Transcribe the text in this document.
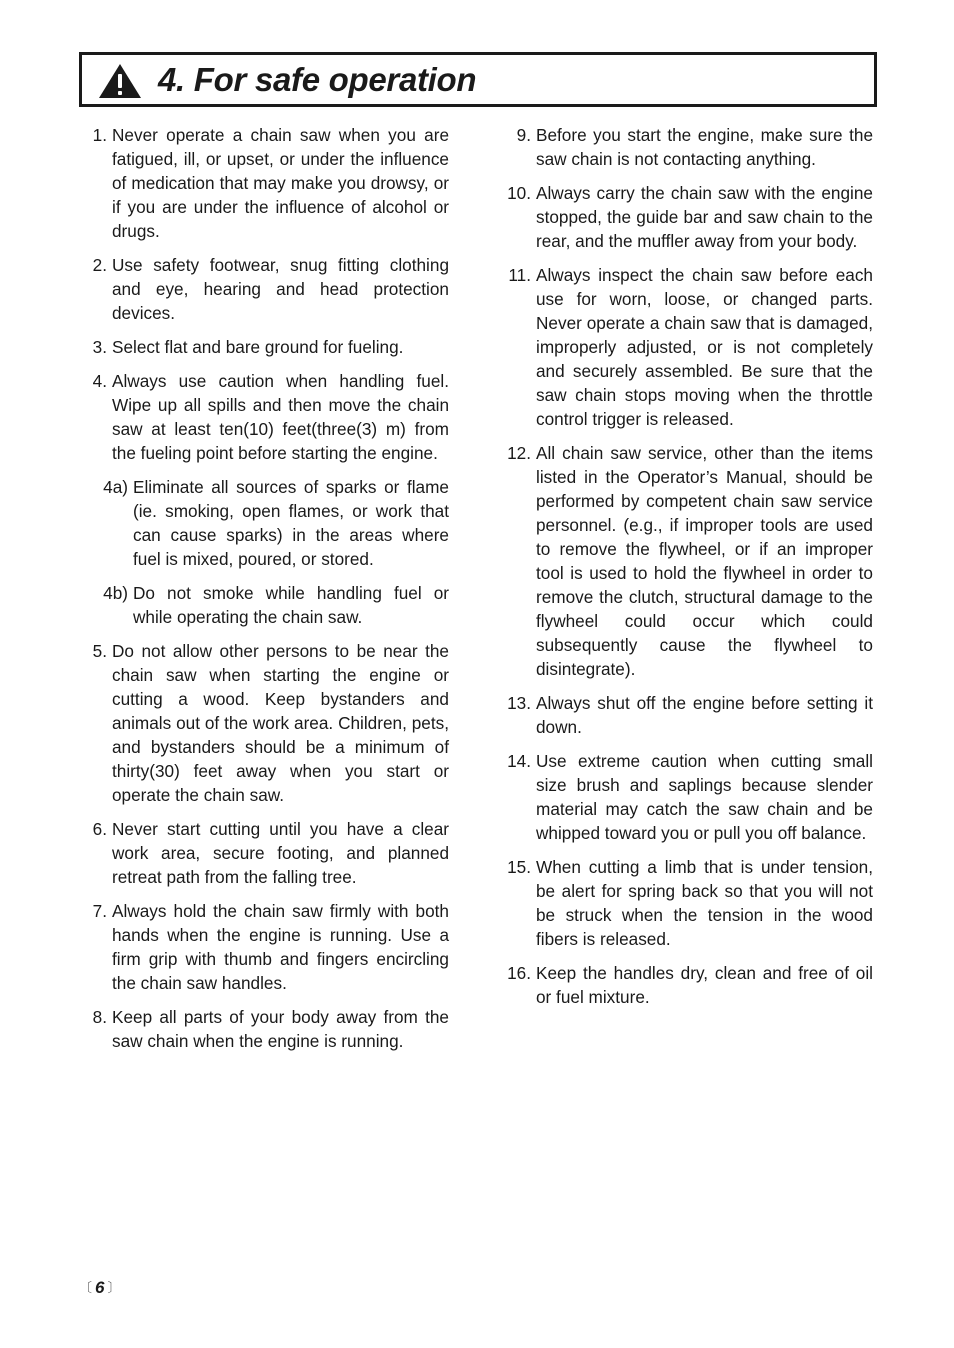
4. For safe operation
1. Never operate a chain saw when you are fatigued, ill, or upset, or under the influence of medication that may make you drowsy, or if you are under the influence of alcohol or drugs.
2. Use safety footwear, snug fitting clothing and eye, hearing and head protection devices.
3. Select flat and bare ground for fueling.
4. Always use caution when handling fuel. Wipe up all spills and then move the chain saw at least ten(10) feet(three(3) m) from the fueling point before starting the engine.
4a) Eliminate all sources of sparks or flame (ie. smoking, open flames, or work that can cause sparks) in the areas where fuel is mixed, poured, or stored.
4b) Do not smoke while handling fuel or while operating the chain saw.
5. Do not allow other persons to be near the chain saw when starting the engine or cutting a wood. Keep bystanders and animals out of the work area. Children, pets, and bystanders should be a minimum of thirty(30) feet away when you start or operate the chain saw.
6. Never start cutting until you have a clear work area, secure footing, and planned retreat path from the falling tree.
7. Always hold the chain saw firmly with both hands when the engine is running. Use a firm grip with thumb and fingers encircling the chain saw handles.
8. Keep all parts of your body away from the saw chain when the engine is running.
9. Before you start the engine, make sure the saw chain is not contacting anything.
10. Always carry the chain saw with the engine stopped, the guide bar and saw chain to the rear, and the muffler away from your body.
11. Always inspect the chain saw before each use for worn, loose, or changed parts. Never operate a chain saw that is damaged, improperly adjusted, or is not completely and securely assembled. Be sure that the saw chain stops moving when the throttle control trigger is released.
12. All chain saw service, other than the items listed in the Operator’s Manual, should be performed by competent chain saw service personnel. (e.g., if improper tools are used to remove the flywheel, or if an improper tool is used to hold the flywheel in order to remove the clutch, structural damage to the flywheel could occur which could subsequently cause the flywheel to disintegrate).
13. Always shut off the engine before setting it down.
14. Use extreme caution when cutting small size brush and saplings because slender material may catch the saw chain and be whipped toward you or pull you off balance.
15. When cutting a limb that is under tension, be alert for spring back so that you will not be struck when the tension in the wood fibers is released.
16. Keep the handles dry, clean and free of oil or fuel mixture.
〔 6 〕
